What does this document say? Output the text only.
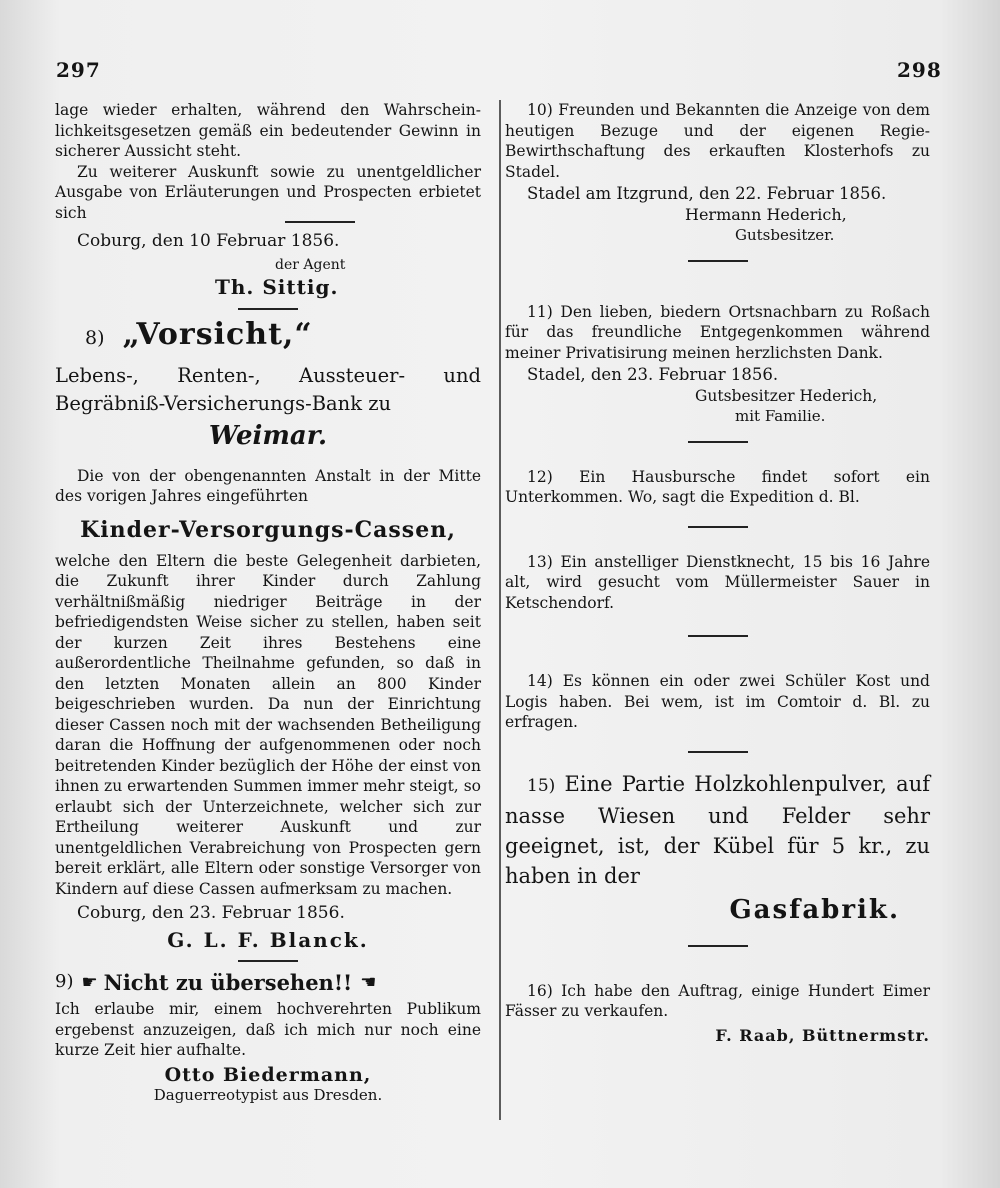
297	298

lage wieder erhalten, während den Wahrschein-lichkeitsgesetzen gemäß ein bedeutender Gewinn in sicherer Aussicht steht.

Zu weiterer Auskunft sowie zu unentgeldlicher Ausgabe von Erläuterungen und Prospecten erbietet sich

Coburg, den 10 Februar 1856.

der Agent

Th. Sittig.

8) „Vorsicht,“

Lebens-, Renten-, Aussteuer- und Begräbniß-Versicherungs-Bank zu

Weimar.

Die von der obengenannten Anstalt in der Mitte des vorigen Jahres eingeführten

Kinder-Versorgungs-Cassen,

welche den Eltern die beste Gelegenheit darbieten, die Zukunft ihrer Kinder durch Zahlung verhältnißmäßig niedriger Beiträge in der befriedigendsten Weise sicher zu stellen, haben seit der kurzen Zeit ihres Bestehens eine außerordentliche Theilnahme gefunden, so daß in den letzten Monaten allein an 800 Kinder beigeschrieben wurden. Da nun der Einrichtung dieser Cassen noch mit der wachsenden Betheiligung daran die Hoffnung der aufgenommenen oder noch beitretenden Kinder bezüglich der Höhe der einst von ihnen zu erwartenden Summen immer mehr steigt, so erlaubt sich der Unterzeichnete, welcher sich zur Ertheilung weiterer Auskunft und zur unentgeldlichen Verabreichung von Prospecten gern bereit erklärt, alle Eltern oder sonstige Versorger von Kindern auf diese Cassen aufmerksam zu machen.

Coburg, den 23. Februar 1856.

G. L. F. Blanck.

9) ☛ Nicht zu übersehen!! ☚

Ich erlaube mir, einem hochverehrten Publikum ergebenst anzuzeigen, daß ich mich nur noch eine kurze Zeit hier aufhalte.

Otto Biedermann,

Daguerreotypist aus Dresden.

10) Freunden und Bekannten die Anzeige von dem heutigen Bezuge und der eigenen Regie-Bewirthschaftung des erkauften Klosterhofs zu Stadel.

Stadel am Itzgrund, den 22. Februar 1856.

Hermann Hederich,

Gutsbesitzer.

11) Den lieben, biedern Ortsnachbarn zu Roßach für das freundliche Entgegenkommen während meiner Privatisirung meinen herzlichsten Dank.

Stadel, den 23. Februar 1856.

Gutsbesitzer Hederich,

mit Familie.

12) Ein Hausbursche findet sofort ein Unterkommen. Wo, sagt die Expedition d. Bl.

13) Ein anstelliger Dienstknecht, 15 bis 16 Jahre alt, wird gesucht vom Müllermeister Sauer in Ketschendorf.

14) Es können ein oder zwei Schüler Kost und Logis haben. Bei wem, ist im Comtoir d. Bl. zu erfragen.

15) Eine Partie Holzkohlenpulver, auf nasse Wiesen und Felder sehr geeignet, ist, der Kübel für 5 kr., zu haben in der

Gasfabrik.

16) Ich habe den Auftrag, einige Hundert Eimer Fässer zu verkaufen.

F. Raab, Büttnermstr.
